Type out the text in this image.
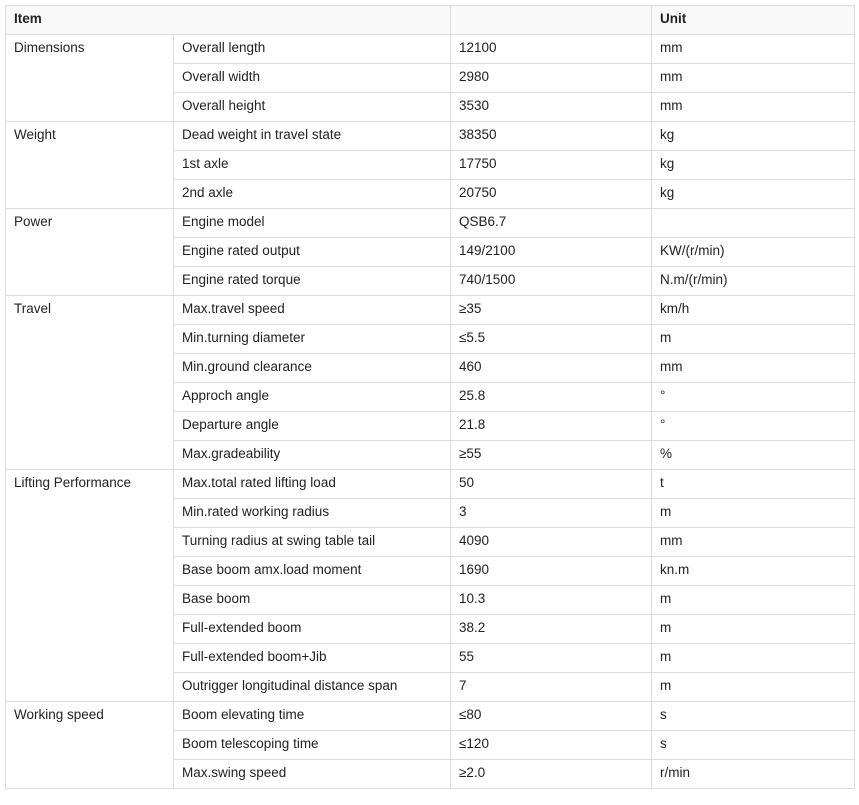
Item			Unit
Dimensions	Overall length	12100	mm
	Overall width	2980	mm
	Overall height	3530	mm
Weight	Dead weight in travel state	38350	kg
	1st axle	17750	kg
	2nd axle	20750	kg
Power	Engine model	QSB6.7	
	Engine rated output	149/2100	KW/(r/min)
	Engine rated torque	740/1500	N.m/(r/min)
Travel	Max.travel speed	≥35	km/h
	Min.turning diameter	≤5.5	m
	Min.ground clearance	460	mm
	Approch angle	25.8	°
	Departure angle	21.8	°
	Max.gradeability	≥55	%
Lifting Performance	Max.total rated lifting load	50	t
	Min.rated working radius	3	m
	Turning radius at swing table tail	4090	mm
	Base boom amx.load moment	1690	kn.m
	Base boom	10.3	m
	Full-extended boom	38.2	m
	Full-extended boom+Jib	55	m
	Outrigger longitudinal distance span	7	m
Working speed	Boom elevating time	≤80	s
	Boom telescoping time	≤120	s
	Max.swing speed	≥2.0	r/min
